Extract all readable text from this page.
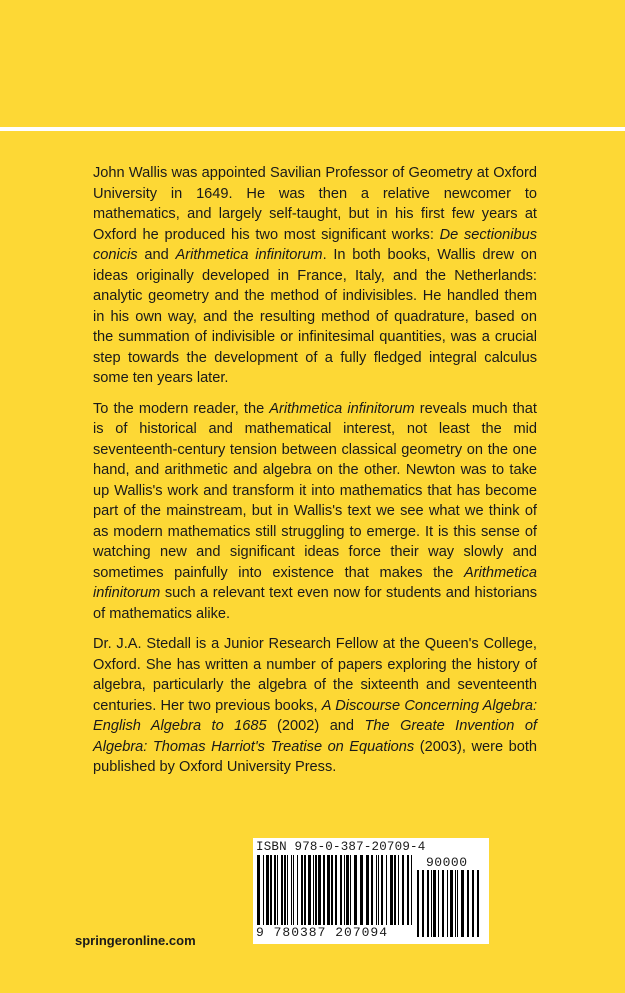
John Wallis was appointed Savilian Professor of Geometry at Oxford University in 1649. He was then a relative newcomer to mathematics, and largely self-taught, but in his first few years at Oxford he produced his two most significant works: De sectionibus conicis and Arithmetica infinitorum. In both books, Wallis drew on ideas originally developed in France, Italy, and the Netherlands: analytic geometry and the method of indivisibles. He handled them in his own way, and the resulting method of quadrature, based on the summation of indivisible or infinitesimal quantities, was a crucial step towards the development of a fully fledged integral calculus some ten years later.

To the modern reader, the Arithmetica infinitorum reveals much that is of historical and mathematical interest, not least the mid seventeenth-century tension between classical geometry on the one hand, and arithmetic and algebra on the other. Newton was to take up Wallis's work and transform it into mathematics that has become part of the mainstream, but in Wallis's text we see what we think of as modern mathematics still struggling to emerge. It is this sense of watching new and significant ideas force their way slowly and sometimes painfully into existence that makes the Arithmetica infinitorum such a relevant text even now for students and historians of mathematics alike.

Dr. J.A. Stedall is a Junior Research Fellow at the Queen's College, Oxford. She has written a number of papers exploring the history of algebra, particularly the algebra of the sixteenth and seventeenth centuries. Her two previous books, A Discourse Concerning Algebra: English Algebra to 1685 (2002) and The Greate Invention of Algebra: Thomas Harriot's Treatise on Equations (2003), were both published by Oxford University Press.

ISBN 978-0-387-20709-4
90000
9 780387 207094
springeronline.com
